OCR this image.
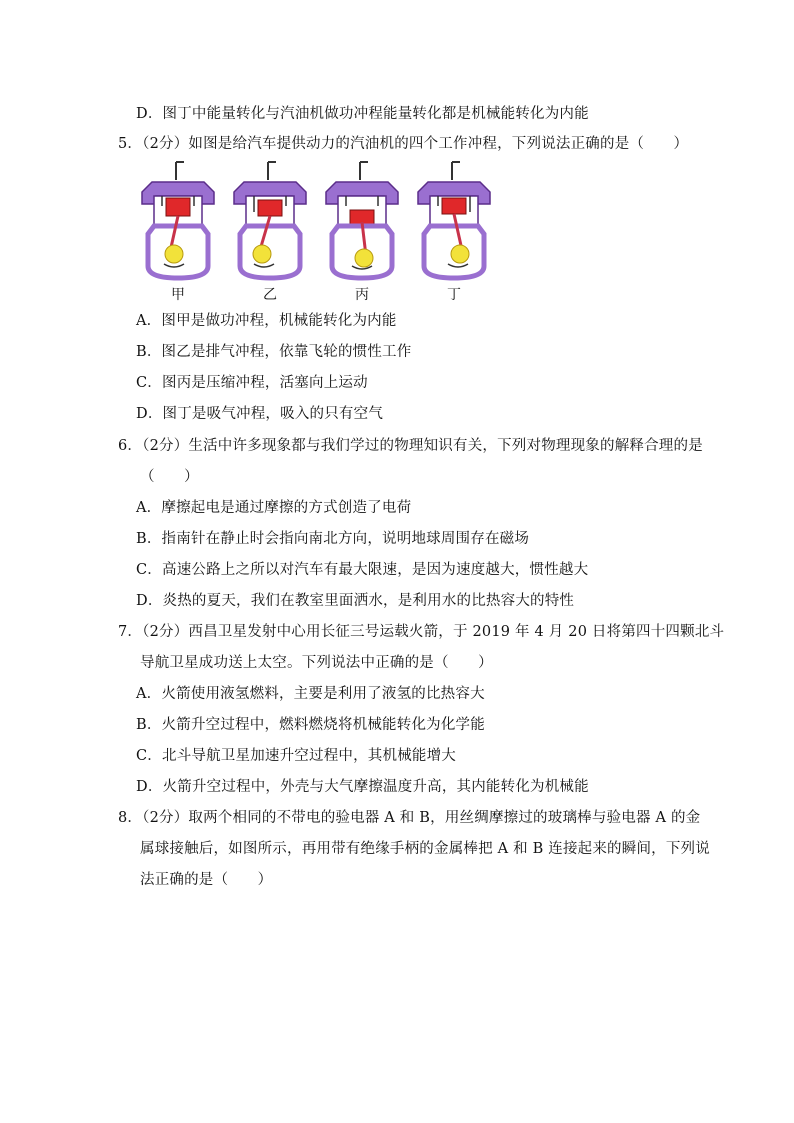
D．图丁中能量转化与汽油机做功冲程能量转化都是机械能转化为内能
5．（2分）如图是给汽车提供动力的汽油机的四个工作冲程，下列说法正确的是（　　）
甲	乙	丙	丁
A．图甲是做功冲程，机械能转化为内能
B．图乙是排气冲程，依靠飞轮的惯性工作
C．图丙是压缩冲程，活塞向上运动
D．图丁是吸气冲程，吸入的只有空气
6．（2分）生活中许多现象都与我们学过的物理知识有关，下列对物理现象的解释合理的是
（　　）
A．摩擦起电是通过摩擦的方式创造了电荷
B．指南针在静止时会指向南北方向，说明地球周围存在磁场
C．高速公路上之所以对汽车有最大限速，是因为速度越大，惯性越大
D．炎热的夏天，我们在教室里面洒水，是利用水的比热容大的特性
7．（2分）西昌卫星发射中心用长征三号运载火箭，于 2019 年 4 月 20 日将第四十四颗北斗
导航卫星成功送上太空。下列说法中正确的是（　　）
A．火箭使用液氢燃料，主要是利用了液氢的比热容大
B．火箭升空过程中，燃料燃烧将机械能转化为化学能
C．北斗导航卫星加速升空过程中，其机械能增大
D．火箭升空过程中，外壳与大气摩擦温度升高，其内能转化为机械能
8．（2分）取两个相同的不带电的验电器 A 和 B，用丝绸摩擦过的玻璃棒与验电器 A 的金
属球接触后，如图所示，再用带有绝缘手柄的金属棒把 A 和 B 连接起来的瞬间，下列说
法正确的是（　　）
